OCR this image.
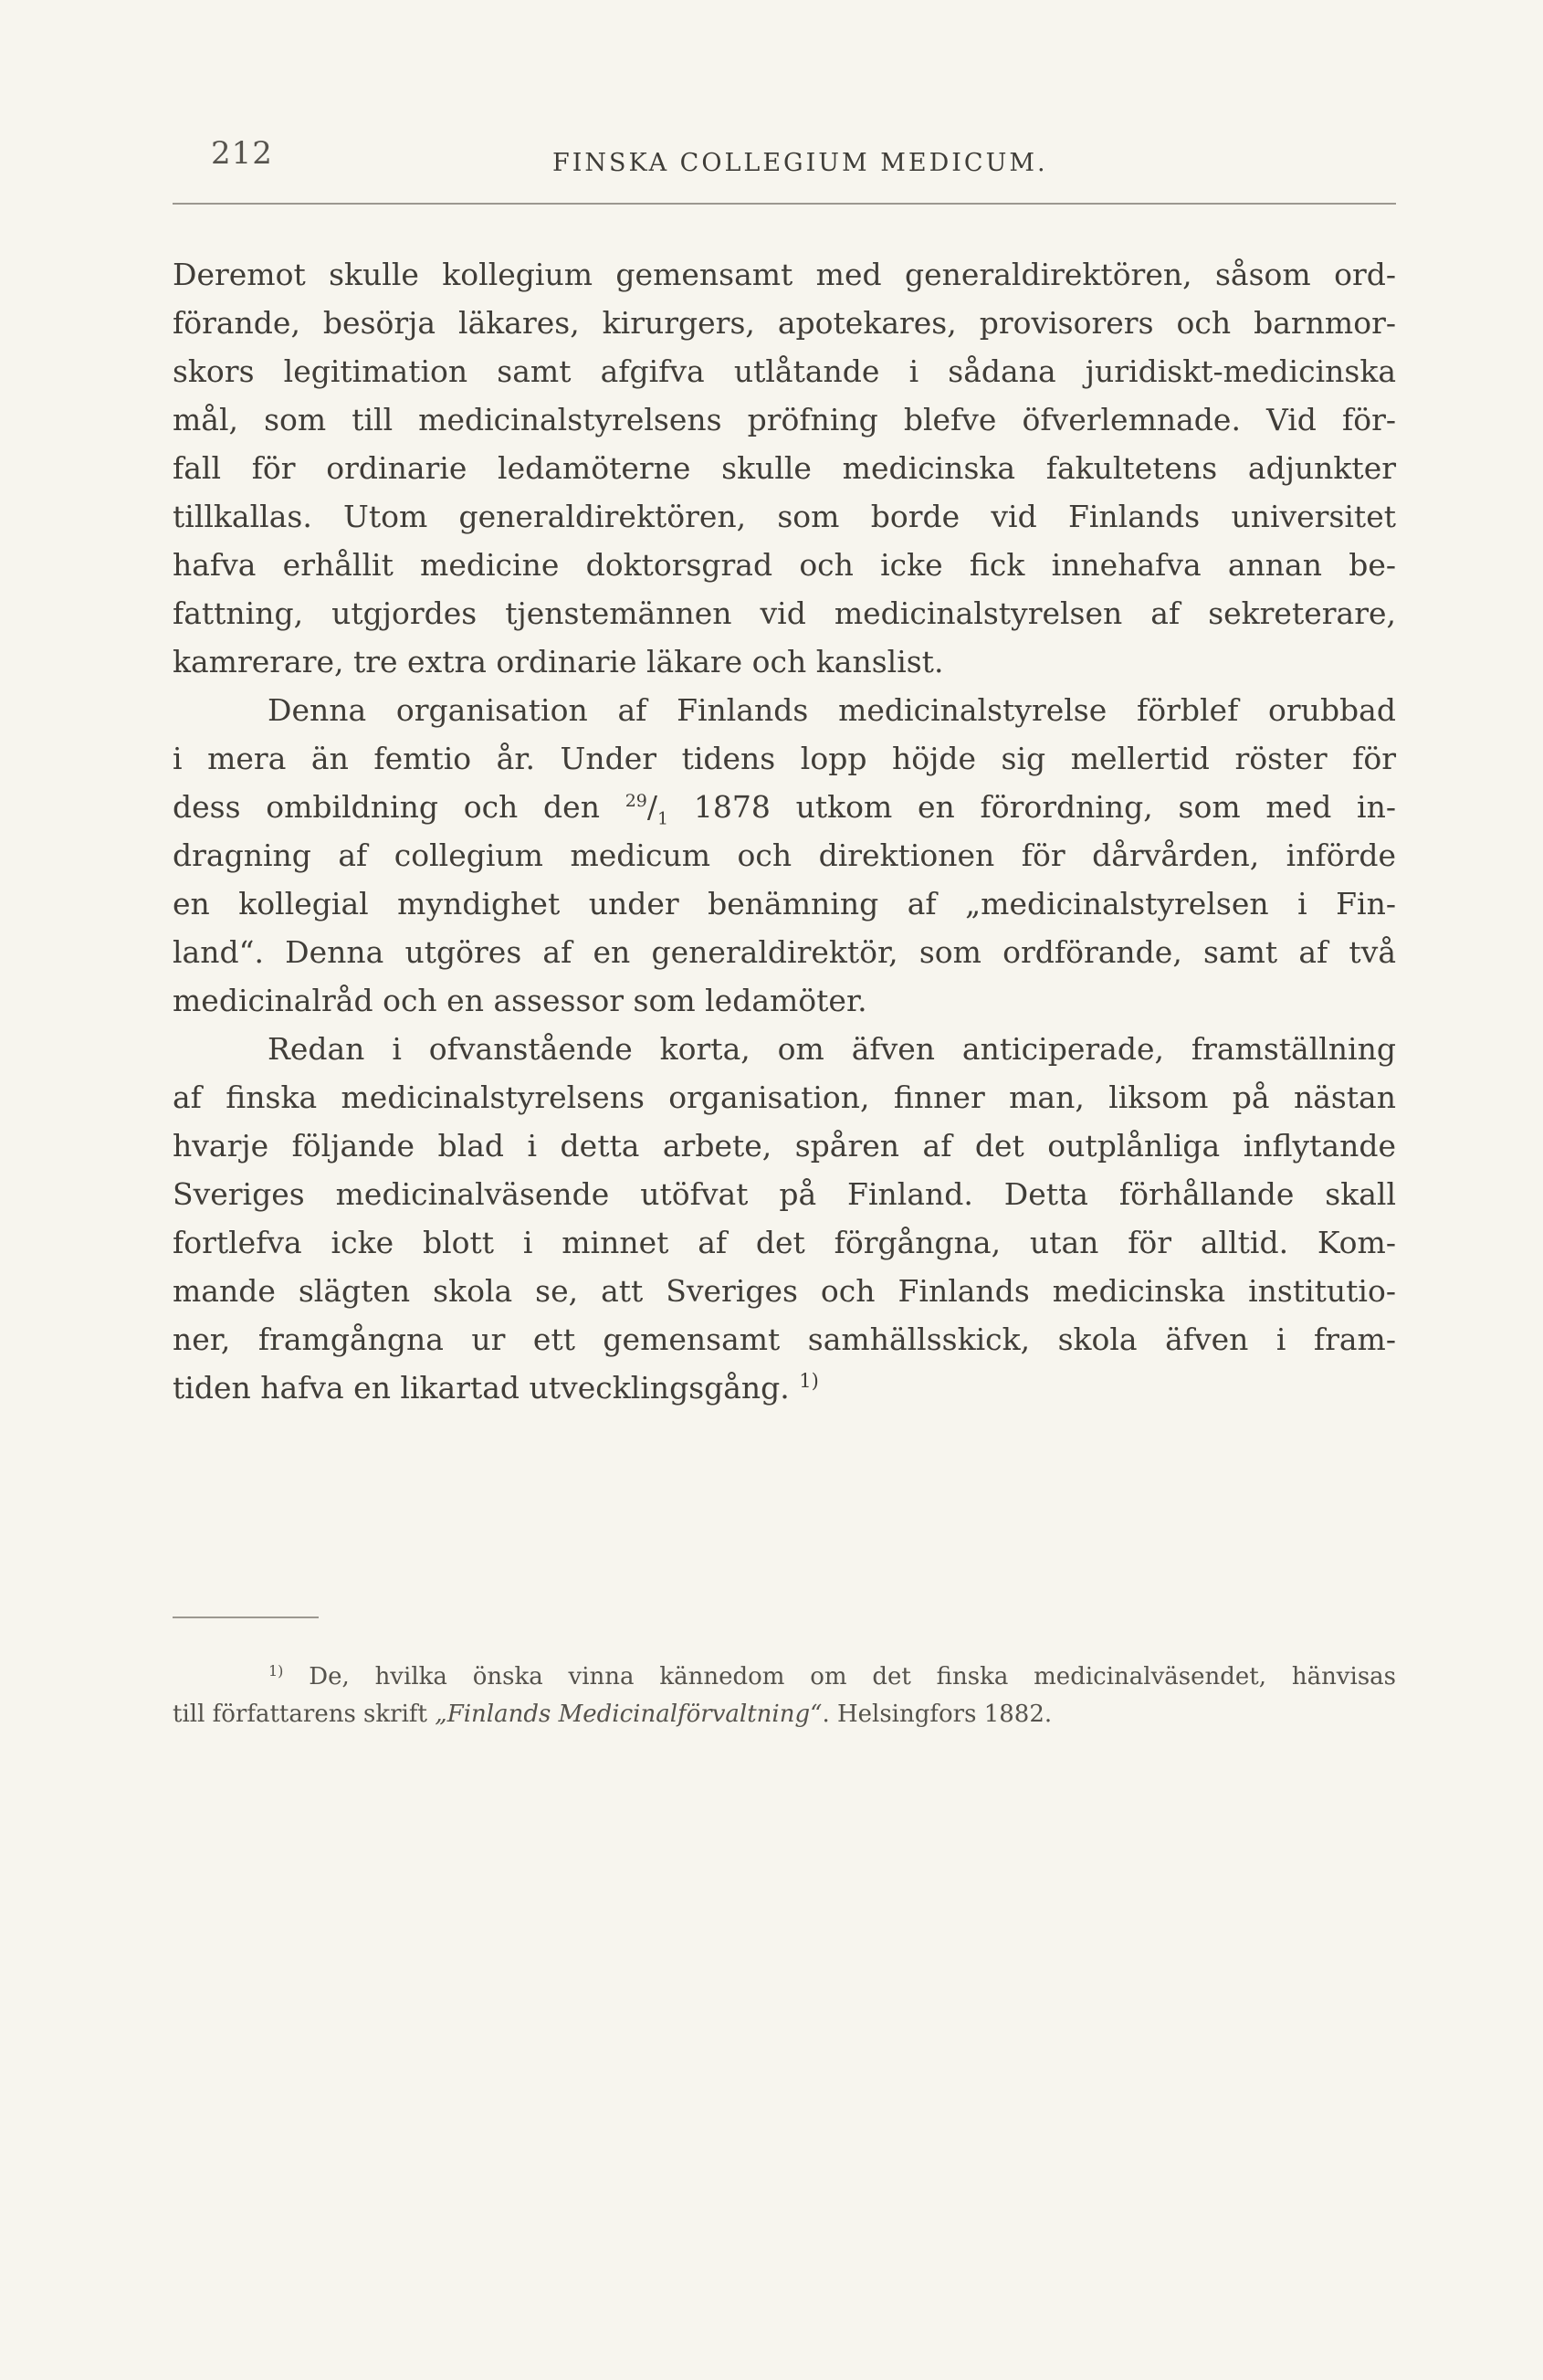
212	FINSKA COLLEGIUM MEDICUM.
Deremot skulle kollegium gemensamt med generaldirektören, såsom ord-
förande, besörja läkares, kirurgers, apotekares, provisorers och barnmor-
skors legitimation samt afgifva utlåtande i sådana juridiskt-medicinska
mål, som till medicinalstyrelsens pröfning blefve öfverlemnade. Vid för-
fall för ordinarie ledamöterne skulle medicinska fakultetens adjunkter
tillkallas. Utom generaldirektören, som borde vid Finlands universitet
hafva erhållit medicine doktorsgrad och icke fick innehafva annan be-
fattning, utgjordes tjenstemännen vid medicinalstyrelsen af sekreterare,
kamrerare, tre extra ordinarie läkare och kanslist.
Denna organisation af Finlands medicinalstyrelse förblef orubbad
i mera än femtio år. Under tidens lopp höjde sig mellertid röster för
dess ombildning och den $^{29}/_1$ 1878 utkom en förordning, som med in-
dragning af collegium medicum och direktionen för dårvården, införde
en kollegial myndighet under benämning af „medicinalstyrelsen i Fin-
land“. Denna utgöres af en generaldirektör, som ordförande, samt af två
medicinalråd och en assessor som ledamöter.
Redan i ofvanstående korta, om äfven anticiperade, framställning
af finska medicinalstyrelsens organisation, finner man, liksom på nästan
hvarje följande blad i detta arbete, spåren af det outplånliga inflytande
Sveriges medicinalväsende utöfvat på Finland. Detta förhållande skall
fortlefva icke blott i minnet af det förgångna, utan för alltid. Kom-
mande slägten skola se, att Sveriges och Finlands medicinska institutio-
ner, framgångna ur ett gemensamt samhällsskick, skola äfven i fram-
tiden hafva en likartad utvecklingsgång. $^{1)}$
$^{1)}$ De, hvilka önska vinna kännedom om det finska medicinalväsendet, hänvisas
till författarens skrift „Finlands Medicinalförvaltning“. Helsingfors 1882.
